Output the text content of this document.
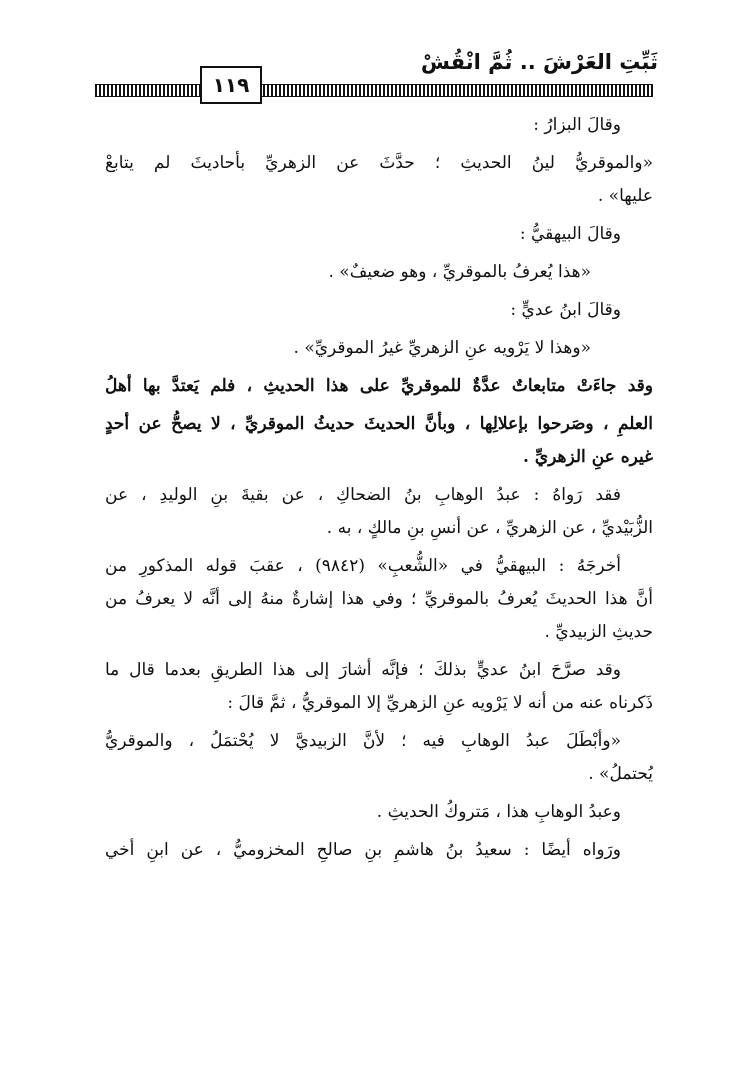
ثَبِّتِ العَرْشَ .. ثُمَّ انْقُشْ
١١٩

وقالَ البزارُ :

«والموقريُّ لينُ الحديثِ ؛ حدَّثَ عن الزهريِّ بأحاديثَ لم يتابعْ

عليها» .

وقالَ البيهقيُّ :

«هذا يُعرفُ بالموقريِّ ، وهو ضعيفٌ» .

وقالَ ابنُ عديٍّ :

«وهذا لا يَرْويه عنِ الزهريِّ غيرُ الموقريِّ» .

وقد جاءَتْ متابعاتٌ عدَّةٌ للموقريِّ على هذا الحديثِ ، فلم يَعتدَّ بها أهلُ

العلمِ ، وصَرحوا بإعلالِها ، وبأنَّ الحديثَ حديثُ الموقريِّ ، لا يصحُّ عن أحدٍ

غيره عنِ الزهريِّ .

فقد رَواهُ : عبدُ الوهابِ بنُ الضحاكِ ، عن بقيةَ بنِ الوليدِ ، عن

الزُّبَيْديِّ ، عن الزهريِّ ، عن أنسِ بنِ مالكٍ ، به .

أخرجَهُ : البيهقيُّ في «الشُّعبِ» (٩٨٤٢) ، عقبَ قوله المذكورِ من

أنَّ هذا الحديثَ يُعرفُ بالموقريِّ ؛ وفي هذا إشارةٌ منهُ إلى أنَّه لا يعرفُ من

حديثِ الزبيديِّ .

وقد صرَّحَ ابنُ عديٍّ بذلكَ ؛ فإنَّه أشارَ إلى هذا الطريقِ بعدما قال ما

ذَكرناه عنه من أنه لا يَرْويه عنِ الزهريِّ إلا الموقريُّ ، ثمَّ قالَ :

«وأبْطَلَ عبدُ الوهابِ فيه ؛ لأنَّ الزبيديَّ لا يُحْتمَلُ ، والموقريُّ

يُحتملُ» .

وعبدُ الوهابِ هذا ، مَتروكُ الحديثِ .

ورَواه أيضًا : سعيدُ بنُ هاشمِ بنِ صالحِ المخزوميُّ ، عن ابنِ أخي
